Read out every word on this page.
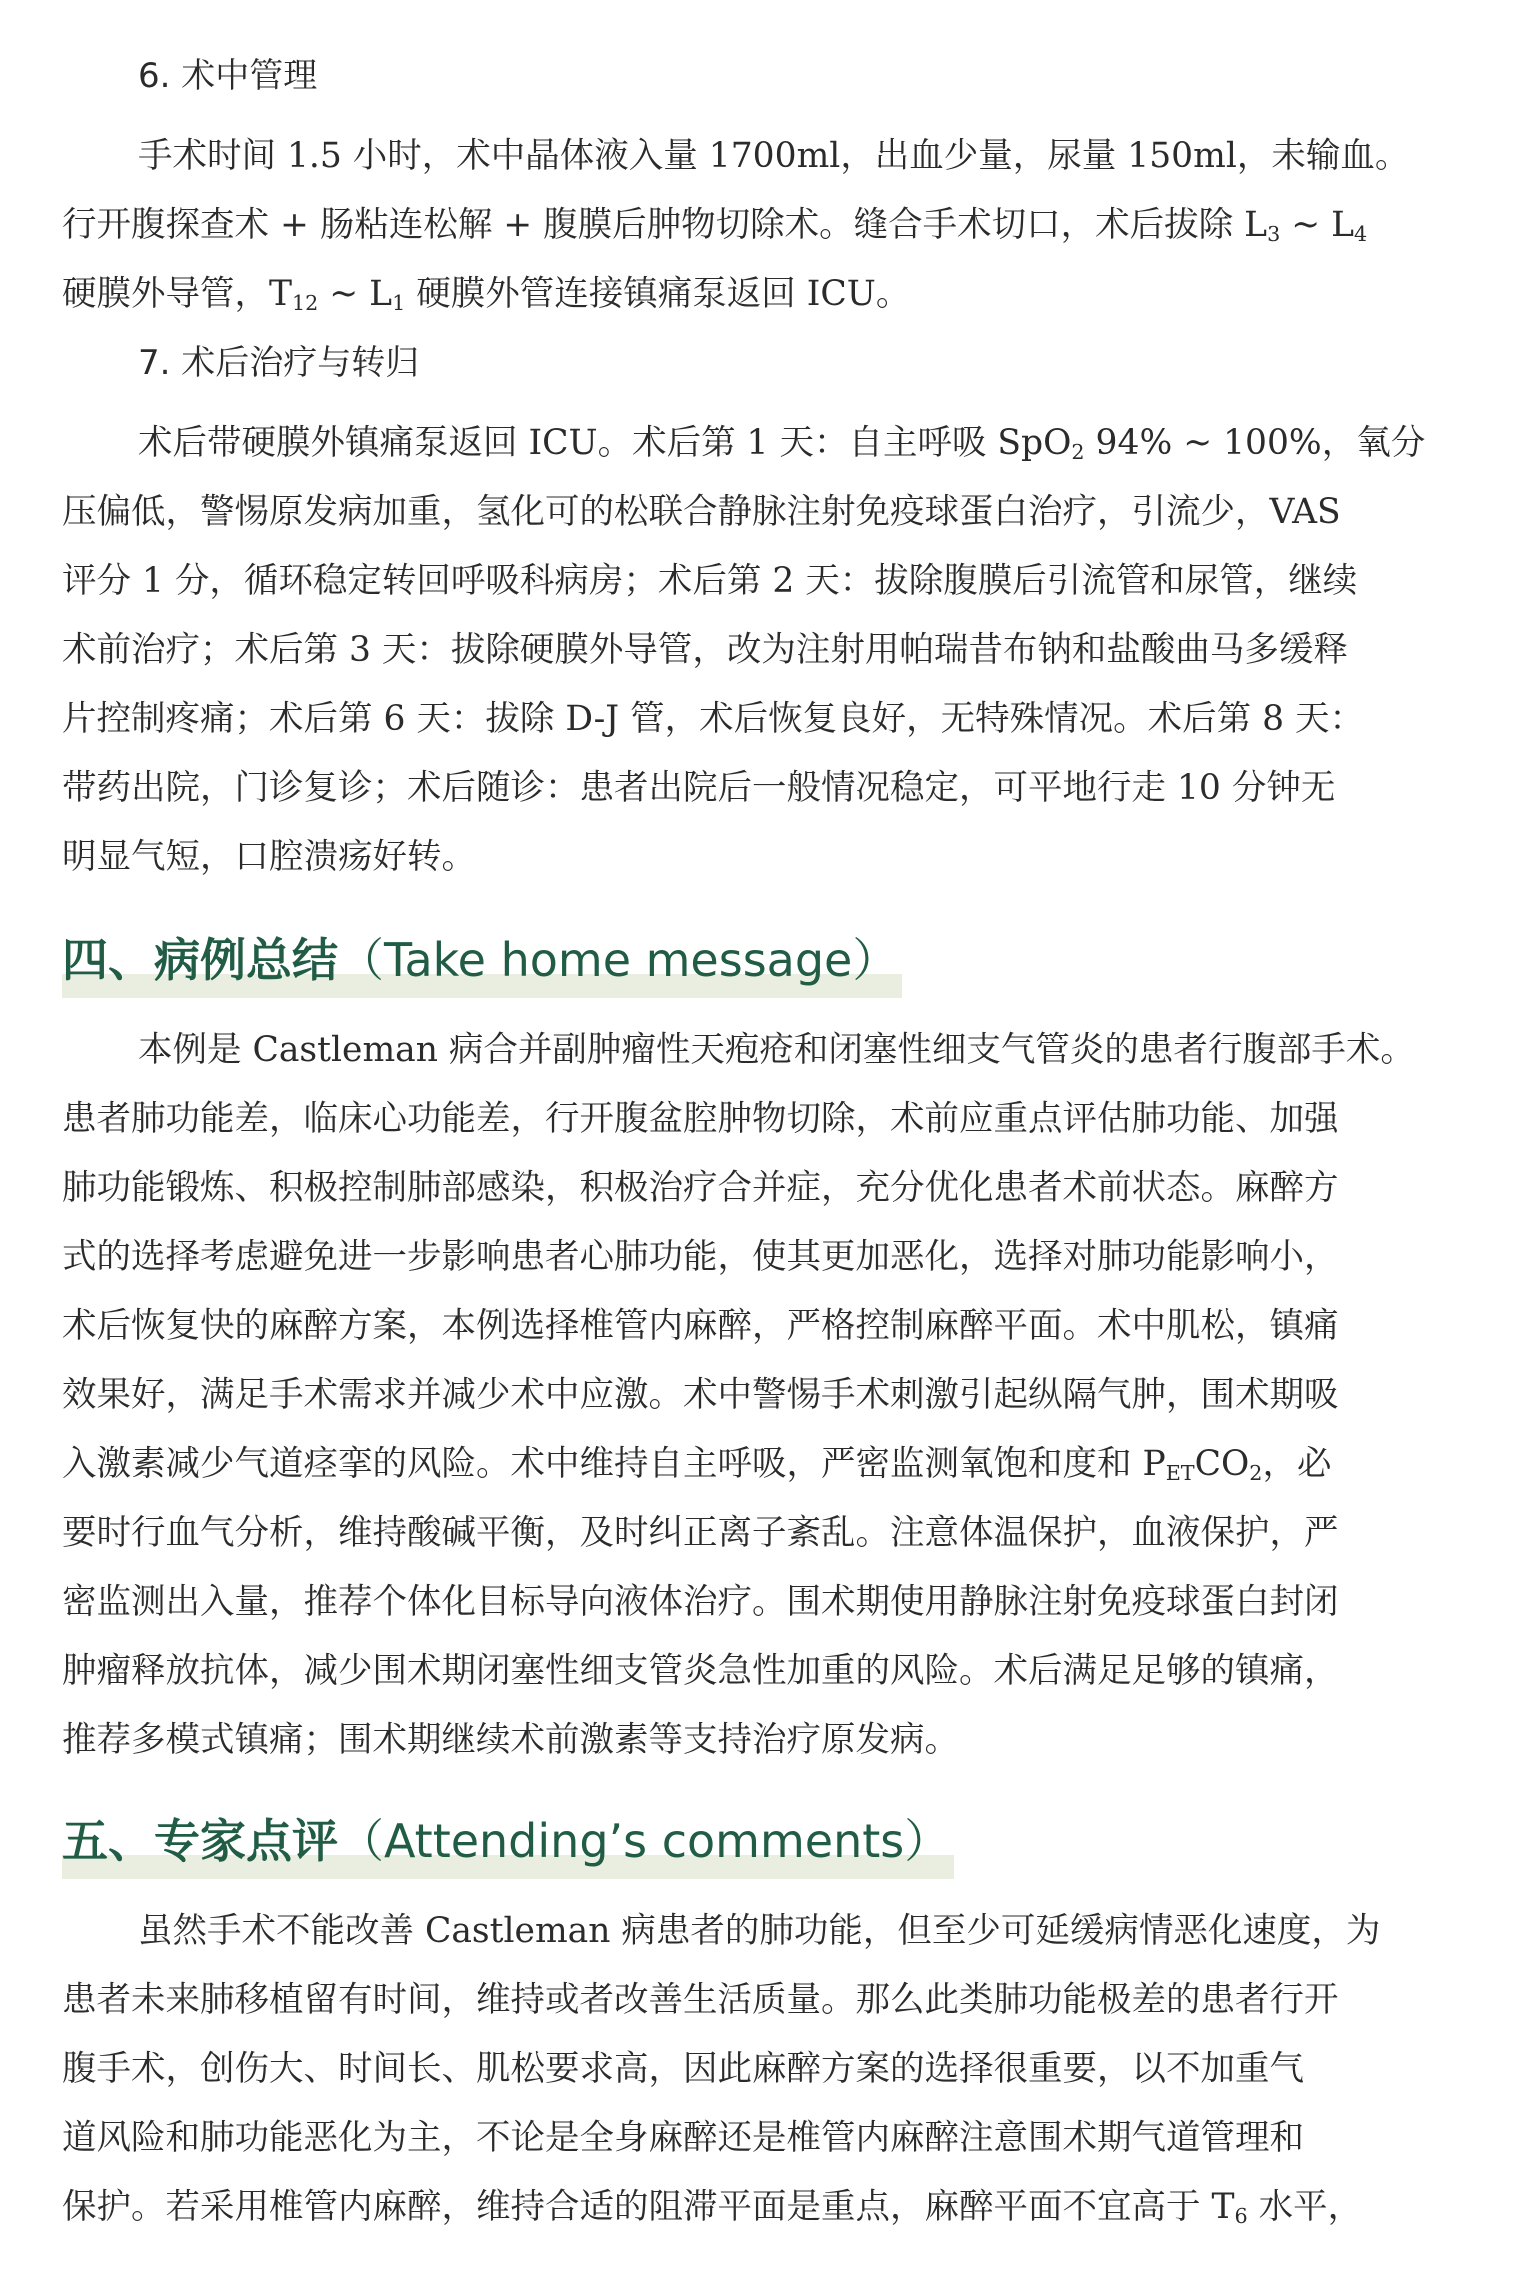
6. 术中管理

手术时间 1.5 小时，术中晶体液入量 1700ml，出血少量，尿量 150ml，未输血。

行开腹探查术 + 肠粘连松解 + 腹膜后肿物切除术。缝合手术切口，术后拔除 $L_3$ ~ $L_4$

硬膜外导管，$T_{12}$ ~ $L_1$ 硬膜外管连接镇痛泵返回 ICU。

7. 术后治疗与转归

术后带硬膜外镇痛泵返回 ICU。术后第 1 天：自主呼吸 SpO$_2$ 94% ~ 100%，氧分

压偏低，警惕原发病加重，氢化可的松联合静脉注射免疫球蛋白治疗，引流少，VAS

评分 1 分，循环稳定转回呼吸科病房；术后第 2 天：拔除腹膜后引流管和尿管，继续

术前治疗；术后第 3 天：拔除硬膜外导管，改为注射用帕瑞昔布钠和盐酸曲马多缓释

片控制疼痛；术后第 6 天：拔除 D-J 管，术后恢复良好，无特殊情况。术后第 8 天：

带药出院，门诊复诊；术后随诊：患者出院后一般情况稳定，可平地行走 10 分钟无

明显气短，口腔溃疡好转。

四、病例总结（Take home message）

本例是 Castleman 病合并副肿瘤性天疱疮和闭塞性细支气管炎的患者行腹部手术。

患者肺功能差，临床心功能差，行开腹盆腔肿物切除，术前应重点评估肺功能、加强

肺功能锻炼、积极控制肺部感染，积极治疗合并症，充分优化患者术前状态。麻醉方

式的选择考虑避免进一步影响患者心肺功能，使其更加恶化，选择对肺功能影响小，

术后恢复快的麻醉方案，本例选择椎管内麻醉，严格控制麻醉平面。术中肌松，镇痛

效果好，满足手术需求并减少术中应激。术中警惕手术刺激引起纵隔气肿，围术期吸

入激素减少气道痉挛的风险。术中维持自主呼吸，严密监测氧饱和度和 $P_{ET}CO_2$，必

要时行血气分析，维持酸碱平衡，及时纠正离子紊乱。注意体温保护，血液保护，严

密监测出入量，推荐个体化目标导向液体治疗。围术期使用静脉注射免疫球蛋白封闭

肿瘤释放抗体，减少围术期闭塞性细支管炎急性加重的风险。术后满足足够的镇痛，

推荐多模式镇痛；围术期继续术前激素等支持治疗原发病。

五、专家点评（Attending’s comments）

虽然手术不能改善 Castleman 病患者的肺功能，但至少可延缓病情恶化速度，为

患者未来肺移植留有时间，维持或者改善生活质量。那么此类肺功能极差的患者行开

腹手术，创伤大、时间长、肌松要求高，因此麻醉方案的选择很重要，以不加重气

道风险和肺功能恶化为主，不论是全身麻醉还是椎管内麻醉注意围术期气道管理和

保护。若采用椎管内麻醉，维持合适的阻滞平面是重点，麻醉平面不宜高于 $T_6$ 水平，
